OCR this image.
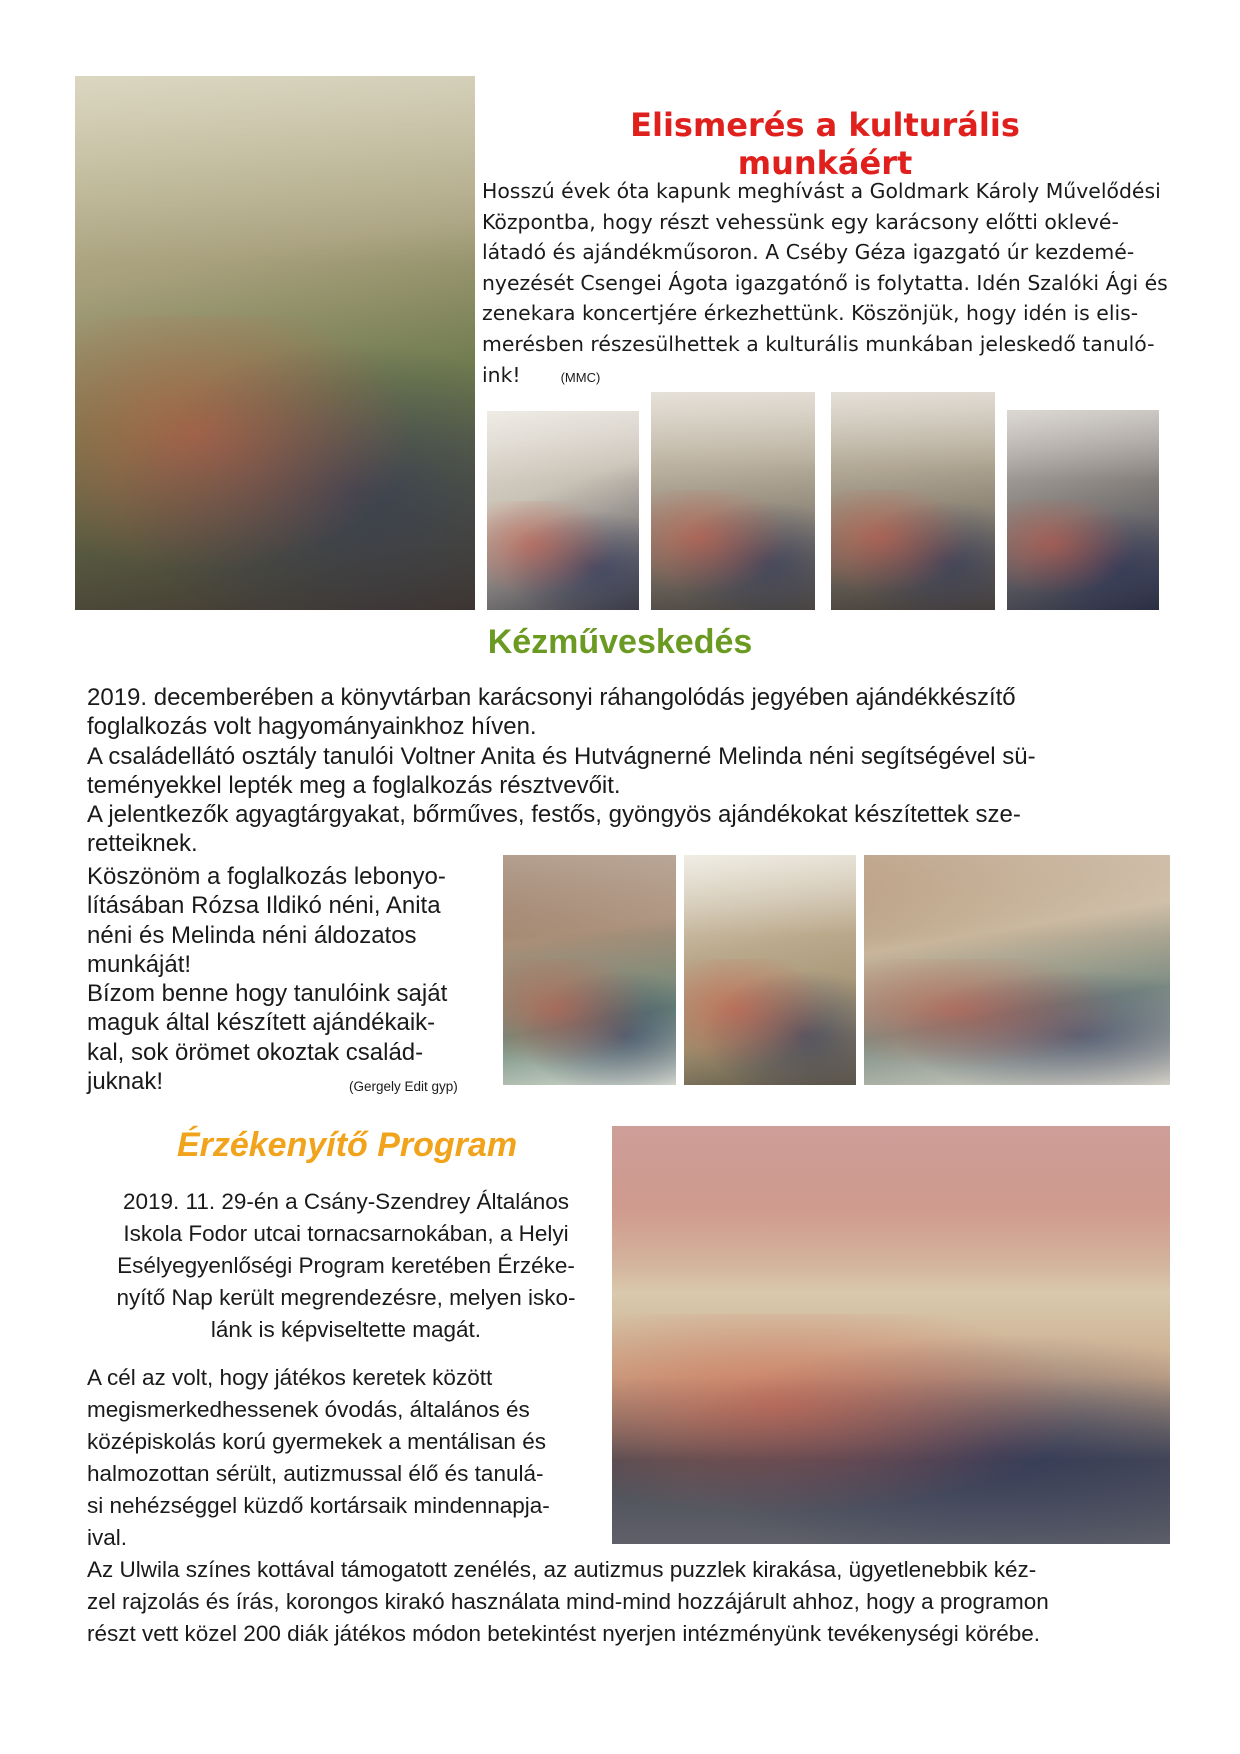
Elismerés a kulturális munkáért

Hosszú évek óta kapunk meghívást a Goldmark Károly Művelődési
Központba, hogy részt vehessünk egy karácsony előtti oklevé-
látadó és ajándékműsoron. A Cséby Géza igazgató úr kezdemé-
nyezését Csengei Ágota igazgatónő is folytatta. Idén Szalóki Ági és
zenekara koncertjére érkezhettünk. Köszönjük, hogy idén is elis-
merésben részesülhettek a kulturális munkában jeleskedő tanuló-
ink!	(MMC)

Kézműveskedés

2019. decemberében a könyvtárban karácsonyi ráhangolódás jegyében ajándékkészítő
foglalkozás volt hagyományainkhoz híven.
A családellátó osztály tanulói Voltner Anita és Hutvágnerné Melinda néni segítségével sü-
teményekkel lepték meg a foglalkozás résztvevőit.
A jelentkezők agyagtárgyakat, bőrműves, festős, gyöngyös ajándékokat készítettek sze-
retteiknek.

Köszönöm a foglalkozás lebonyo-
lításában Rózsa Ildikó néni, Anita
néni és Melinda néni áldozatos
munkáját!
Bízom benne hogy tanulóink saját
maguk által készített ajándékaik-
kal, sok örömet okoztak család-
juknak!	(Gergely Edit gyp)
Érzékenyítő Program

2019. 11. 29-én a Csány-Szendrey Általános
Iskola Fodor utcai tornacsarnokában, a Helyi
Esélyegyenlőségi Program keretében Érzéke-
nyítő Nap került megrendezésre, melyen isko-
lánk is képviseltette magát.

A cél az volt, hogy játékos keretek között
megismerkedhessenek óvodás, általános és
középiskolás korú gyermekek a mentálisan és
halmozottan sérült, autizmussal élő és tanulá-
si nehézséggel küzdő kortársaik mindennapja-
ival.

Az Ulwila színes kottával támogatott zenélés, az autizmus puzzlek kirakása, ügyetlenebbik kéz-
zel rajzolás és írás, korongos kirakó használata mind-mind hozzájárult ahhoz, hogy a programon
részt vett közel 200 diák játékos módon betekintést nyerjen intézményünk tevékenységi körébe.
